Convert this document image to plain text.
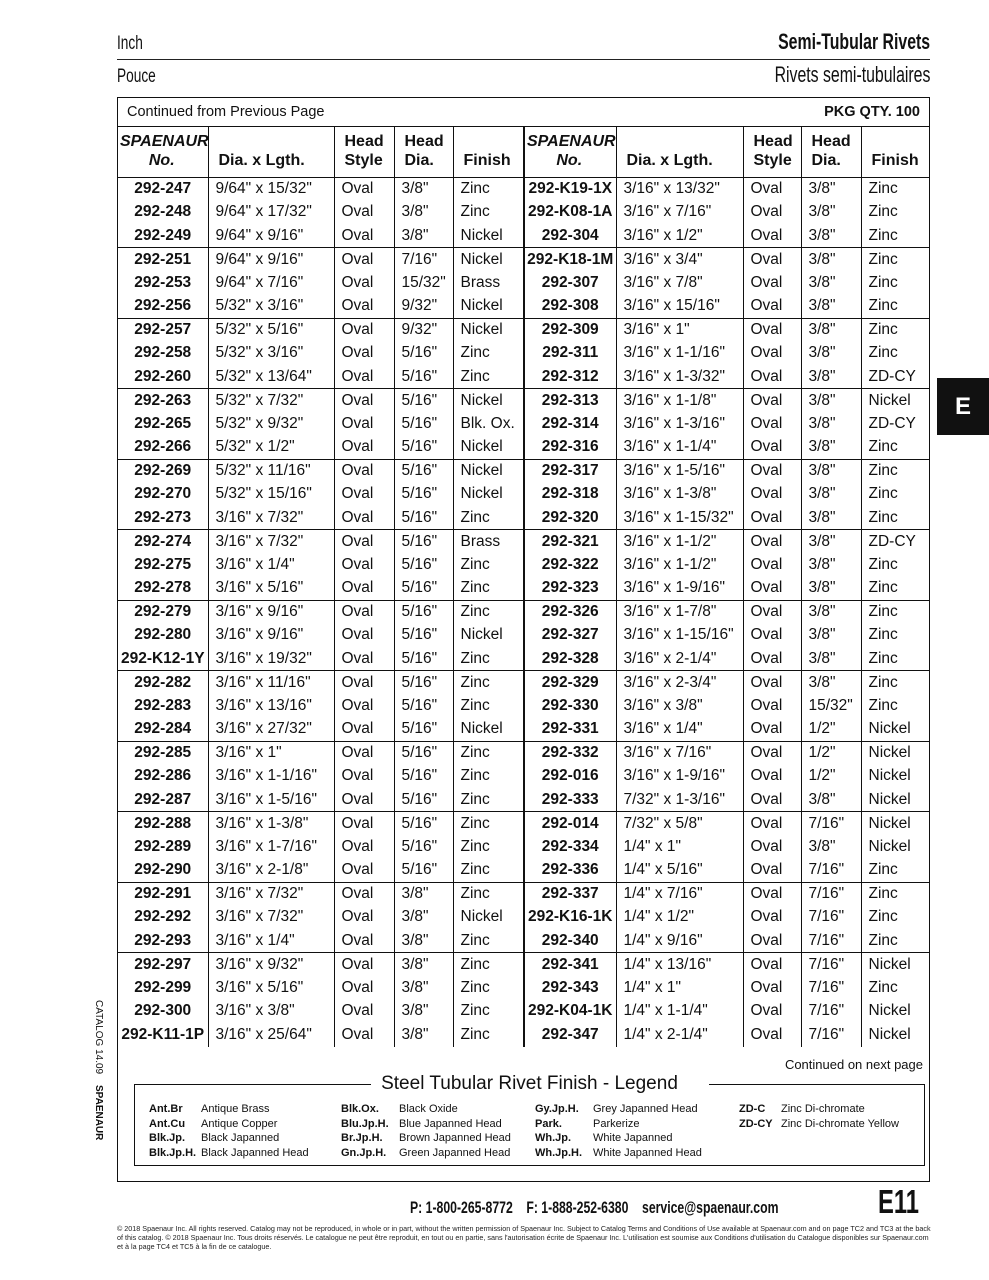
Inch	Semi-Tubular Rivets
Pouce	Rivets semi-tubulaires
Continued from Previous Page	PKG QTY. 100
SPAENAUR No.	Dia. x Lgth.	Head Style	Head Dia.	Finish	SPAENAUR No.	Dia. x Lgth.	Head Style	Head Dia.	Finish
292-247	9/64" x 15/32"	Oval	3/8"	Zinc	292-K19-1X	3/16" x 13/32"	Oval	3/8"	Zinc
292-248	9/64" x 17/32"	Oval	3/8"	Zinc	292-K08-1A	3/16" x 7/16"	Oval	3/8"	Zinc
292-249	9/64" x 9/16"	Oval	3/8"	Nickel	292-304	3/16" x 1/2"	Oval	3/8"	Zinc
292-251	9/64" x 9/16"	Oval	7/16"	Nickel	292-K18-1M	3/16" x 3/4"	Oval	3/8"	Zinc
292-253	9/64" x 7/16"	Oval	15/32"	Brass	292-307	3/16" x 7/8"	Oval	3/8"	Zinc
292-256	5/32" x 3/16"	Oval	9/32"	Nickel	292-308	3/16" x 15/16"	Oval	3/8"	Zinc
292-257	5/32" x 5/16"	Oval	9/32"	Nickel	292-309	3/16" x 1"	Oval	3/8"	Zinc
292-258	5/32" x 3/16"	Oval	5/16"	Zinc	292-311	3/16" x 1-1/16"	Oval	3/8"	Zinc
292-260	5/32" x 13/64"	Oval	5/16"	Zinc	292-312	3/16" x 1-3/32"	Oval	3/8"	ZD-CY
292-263	5/32" x 7/32"	Oval	5/16"	Nickel	292-313	3/16" x 1-1/8"	Oval	3/8"	Nickel
292-265	5/32" x 9/32"	Oval	5/16"	Blk. Ox.	292-314	3/16" x 1-3/16"	Oval	3/8"	ZD-CY
292-266	5/32" x 1/2"	Oval	5/16"	Nickel	292-316	3/16" x 1-1/4"	Oval	3/8"	Zinc
292-269	5/32" x 11/16"	Oval	5/16"	Nickel	292-317	3/16" x 1-5/16"	Oval	3/8"	Zinc
292-270	5/32" x 15/16"	Oval	5/16"	Nickel	292-318	3/16" x 1-3/8"	Oval	3/8"	Zinc
292-273	3/16" x 7/32"	Oval	5/16"	Zinc	292-320	3/16" x 1-15/32"	Oval	3/8"	Zinc
292-274	3/16" x 7/32"	Oval	5/16"	Brass	292-321	3/16" x 1-1/2"	Oval	3/8"	ZD-CY
292-275	3/16" x 1/4"	Oval	5/16"	Zinc	292-322	3/16" x 1-1/2"	Oval	3/8"	Zinc
292-278	3/16" x 5/16"	Oval	5/16"	Zinc	292-323	3/16" x 1-9/16"	Oval	3/8"	Zinc
292-279	3/16" x 9/16"	Oval	5/16"	Zinc	292-326	3/16" x 1-7/8"	Oval	3/8"	Zinc
292-280	3/16" x 9/16"	Oval	5/16"	Nickel	292-327	3/16" x 1-15/16"	Oval	3/8"	Zinc
292-K12-1Y	3/16" x 19/32"	Oval	5/16"	Zinc	292-328	3/16" x 2-1/4"	Oval	3/8"	Zinc
292-282	3/16" x 11/16"	Oval	5/16"	Zinc	292-329	3/16" x 2-3/4"	Oval	3/8"	Zinc
292-283	3/16" x 13/16"	Oval	5/16"	Zinc	292-330	3/16" x 3/8"	Oval	15/32"	Zinc
292-284	3/16" x 27/32"	Oval	5/16"	Nickel	292-331	3/16" x 1/4"	Oval	1/2"	Nickel
292-285	3/16" x 1"	Oval	5/16"	Zinc	292-332	3/16" x 7/16"	Oval	1/2"	Nickel
292-286	3/16" x 1-1/16"	Oval	5/16"	Zinc	292-016	3/16" x 1-9/16"	Oval	1/2"	Nickel
292-287	3/16" x 1-5/16"	Oval	5/16"	Zinc	292-333	7/32" x 1-3/16"	Oval	3/8"	Nickel
292-288	3/16" x 1-3/8"	Oval	5/16"	Zinc	292-014	7/32" x 5/8"	Oval	7/16"	Nickel
292-289	3/16" x 1-7/16"	Oval	5/16"	Zinc	292-334	1/4" x 1"	Oval	3/8"	Nickel
292-290	3/16" x 2-1/8"	Oval	5/16"	Zinc	292-336	1/4" x 5/16"	Oval	7/16"	Zinc
292-291	3/16" x 7/32"	Oval	3/8"	Zinc	292-337	1/4" x 7/16"	Oval	7/16"	Zinc
292-292	3/16" x 7/32"	Oval	3/8"	Nickel	292-K16-1K	1/4" x 1/2"	Oval	7/16"	Zinc
292-293	3/16" x 1/4"	Oval	3/8"	Zinc	292-340	1/4" x 9/16"	Oval	7/16"	Zinc
292-297	3/16" x 9/32"	Oval	3/8"	Zinc	292-341	1/4" x 13/16"	Oval	7/16"	Nickel
292-299	3/16" x 5/16"	Oval	3/8"	Zinc	292-343	1/4" x 1"	Oval	7/16"	Zinc
292-300	3/16" x 3/8"	Oval	3/8"	Zinc	292-K04-1K	1/4" x 1-1/4"	Oval	7/16"	Nickel
292-K11-1P	3/16" x 25/64"	Oval	3/8"	Zinc	292-347	1/4" x 2-1/4"	Oval	7/16"	Nickel
Continued on next page
Steel Tubular Rivet Finish - Legend
Ant.Br Antique Brass
Ant.Cu Antique Copper
Blk.Jp. Black Japanned
Blk.Jp.H. Black Japanned Head
Blk.Ox. Black Oxide
Blu.Jp.H. Blue Japanned Head
Br.Jp.H. Brown Japanned Head
Gn.Jp.H. Green Japanned Head
Gy.Jp.H. Grey Japanned Head
Park.	Parkerize
Wh.Jp. White Japanned
Wh.Jp.H. White Japanned Head
ZD-C Zinc Di-chromate
ZD-CY Zinc Di-chromate Yellow
E
CATALOG 14.09
SPAENAUR
P: 1-800-265-8772    F: 1-888-252-6380    service@spaenaur.com	E11
© 2018 Spaenaur Inc. All rights reserved. Catalog may not be reproduced, in whole or in part, without the written permission of Spaenaur Inc. Subject to Catalog Terms and Conditions of Use available at Spaenaur.com and on page TC2 and TC3 at the back of this catalog. © 2018 Spaenaur Inc. Tous droits réservés. Le catalogue ne peut être reproduit, en tout ou en partie, sans l'autorisation écrite de Spaenaur Inc. L'utilisation est soumise aux Conditions d'utilisation du Catalogue disponibles sur Spaenaur.com et à la page TC4 et TC5 à la fin de ce catalogue.
